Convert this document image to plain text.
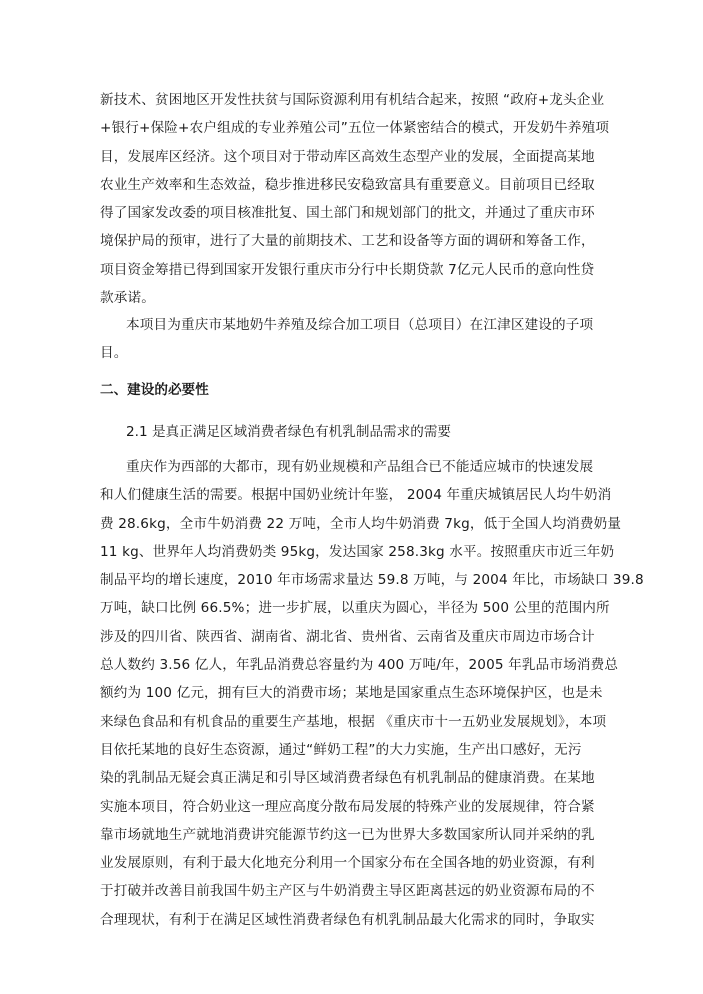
新技术、贫困地区开发性扶贫与国际资源利用有机结合起来，按照 “政府+龙头企业
+银行+保险+农户组成的专业养殖公司”五位一体紧密结合的模式，开发奶牛养殖项
目，发展库区经济。这个项目对于带动库区高效生态型产业的发展，全面提高某地
农业生产效率和生态效益，稳步推进移民安稳致富具有重要意义。目前项目已经取
得了国家发改委的项目核准批复、国土部门和规划部门的批文，并通过了重庆市环
境保护局的预审，进行了大量的前期技术、工艺和设备等方面的调研和筹备工作，
项目资金筹措已得到国家开发银行重庆市分行中长期贷款 7亿元人民币的意向性贷
款承诺。
本项目为重庆市某地奶牛养殖及综合加工项目（总项目）在江津区建设的子项
目。
二、建设的必要性
2.1 是真正满足区域消费者绿色有机乳制品需求的需要
重庆作为西部的大都市，现有奶业规模和产品组合已不能适应城市的快速发展
和人们健康生活的需要。根据中国奶业统计年鉴， 2004 年重庆城镇居民人均牛奶消
费 28.6kg，全市牛奶消费 22 万吨，全市人均牛奶消费 7kg，低于全国人均消费奶量
11 kg、世界年人均消费奶类 95kg，发达国家 258.3kg 水平。按照重庆市近三年奶
制品平均的增长速度，2010 年市场需求量达 59.8 万吨，与 2004 年比，市场缺口 39.8
万吨，缺口比例 66.5%；进一步扩展，以重庆为圆心，半径为 500 公里的范围内所
涉及的四川省、陕西省、湖南省、湖北省、贵州省、云南省及重庆市周边市场合计
总人数约 3.56 亿人，年乳品消费总容量约为 400 万吨/年，2005 年乳品市场消费总
额约为 100 亿元，拥有巨大的消费市场；某地是国家重点生态环境保护区，也是未
来绿色食品和有机食品的重要生产基地，根据 《重庆市十一五奶业发展规划》，本项
目依托某地的良好生态资源，通过“鲜奶工程”的大力实施，生产出口感好，无污
染的乳制品无疑会真正满足和引导区域消费者绿色有机乳制品的健康消费。在某地
实施本项目，符合奶业这一理应高度分散布局发展的特殊产业的发展规律，符合紧
靠市场就地生产就地消费讲究能源节约这一已为世界大多数国家所认同并采纳的乳
业发展原则，有利于最大化地充分利用一个国家分布在全国各地的奶业资源，有利
于打破并改善目前我国牛奶主产区与牛奶消费主导区距离甚远的奶业资源布局的不
合理现状，有利于在满足区域性消费者绿色有机乳制品最大化需求的同时，争取实
